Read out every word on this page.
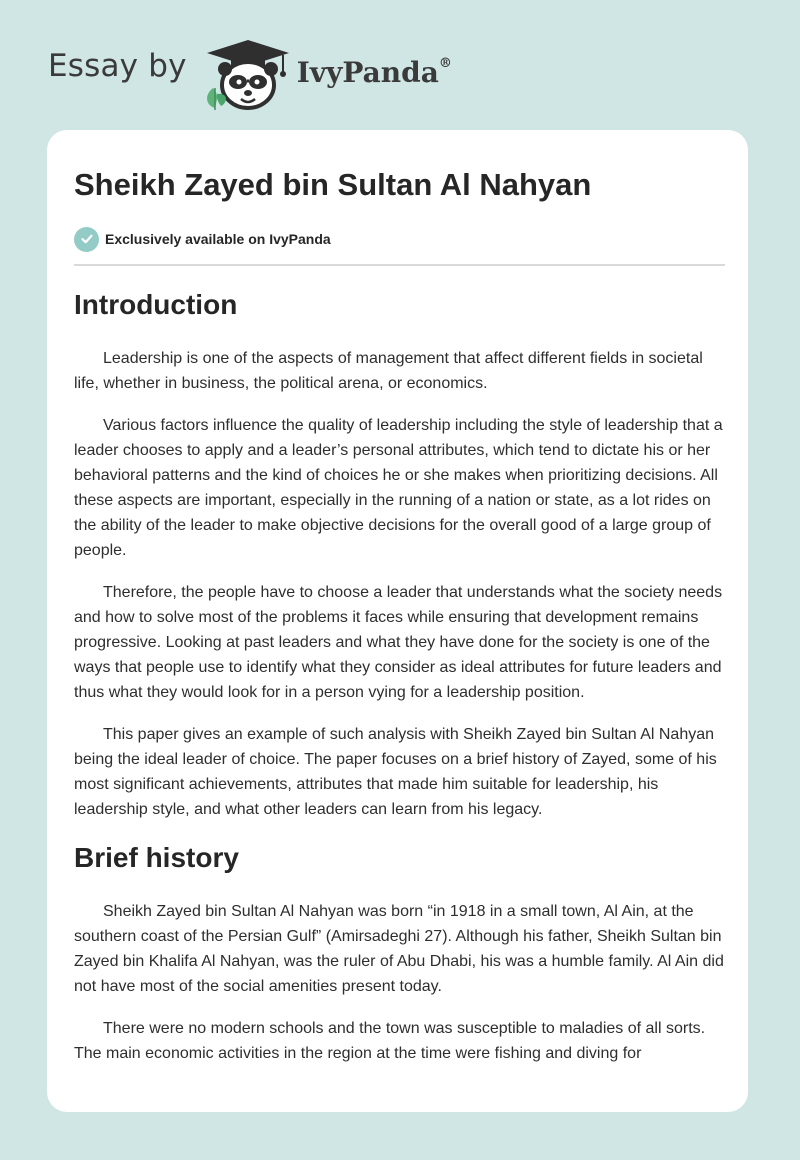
Essay by	IvyPanda®
Sheikh Zayed bin Sultan Al Nahyan
Exclusively available on IvyPanda
Introduction

Leadership is one of the aspects of management that affect different fields in societal life, whether in business, the political arena, or economics.

Various factors influence the quality of leadership including the style of leadership that a leader chooses to apply and a leader’s personal attributes, which tend to dictate his or her behavioral patterns and the kind of choices he or she makes when prioritizing decisions. All these aspects are important, especially in the running of a nation or state, as a lot rides on the ability of the leader to make objective decisions for the overall good of a large group of people.

Therefore, the people have to choose a leader that understands what the society needs and how to solve most of the problems it faces while ensuring that development remains progressive. Looking at past leaders and what they have done for the society is one of the ways that people use to identify what they consider as ideal attributes for future leaders and thus what they would look for in a person vying for a leadership position.

This paper gives an example of such analysis with Sheikh Zayed bin Sultan Al Nahyan being the ideal leader of choice. The paper focuses on a brief history of Zayed, some of his most significant achievements, attributes that made him suitable for leadership, his leadership style, and what other leaders can learn from his legacy.

Brief history

Sheikh Zayed bin Sultan Al Nahyan was born “in 1918 in a small town, Al Ain, at the southern coast of the Persian Gulf” (Amirsadeghi 27). Although his father, Sheikh Sultan bin Zayed bin Khalifa Al Nahyan, was the ruler of Abu Dhabi, his was a humble family. Al Ain did not have most of the social amenities present today.

There were no modern schools and the town was susceptible to maladies of all sorts. The main economic activities in the region at the time were fishing and diving for
